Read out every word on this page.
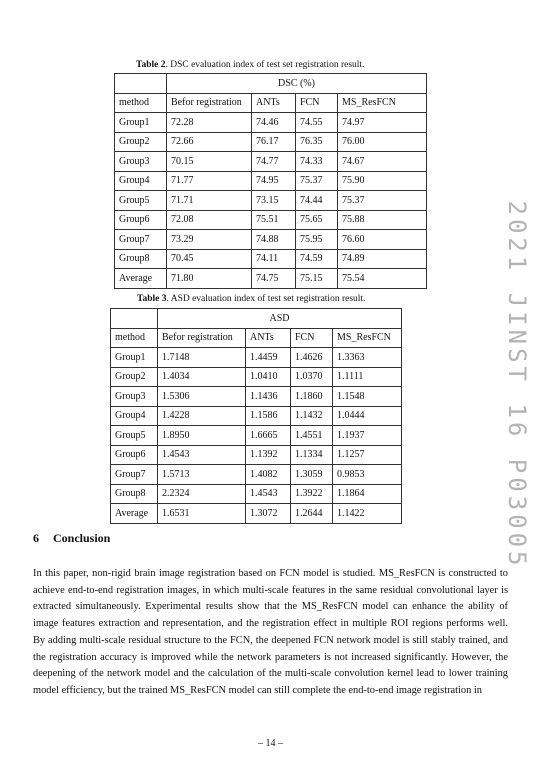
Table 2. DSC evaluation index of test set registration result.
	DSC (%)			
method	Befor registration	ANTs	FCN	MS_ResFCN
Group1	72.28	74.46	74.55	74.97
Group2	72.66	76.17	76.35	76.00
Group3	70.15	74.77	74.33	74.67
Group4	71.77	74.95	75.37	75.90
Group5	71.71	73.15	74.44	75.37
Group6	72.08	75.51	75.65	75.88
Group7	73.29	74.88	75.95	76.60
Group8	70.45	74.11	74.59	74.89
Average	71.80	74.75	75.15	75.54
Table 3. ASD evaluation index of test set registration result.
	ASD			
method	Befor registration	ANTs	FCN	MS_ResFCN
Group1	1.7148	1.4459	1.4626	1.3363
Group2	1.4034	1.0410	1.0370	1.1111
Group3	1.5306	1.1436	1.1860	1.1548
Group4	1.4228	1.1586	1.1432	1.0444
Group5	1.8950	1.6665	1.4551	1.1937
Group6	1.4543	1.1392	1.1334	1.1257
Group7	1.5713	1.4082	1.3059	0.9853
Group8	2.2324	1.4543	1.3922	1.1864
Average	1.6531	1.3072	1.2644	1.1422	2021 JINST 16 P03005
6 Conclusion
In this paper, non-rigid brain image registration based on FCN model is studied. MS_ResFCN is constructed to achieve end-to-end registration images, in which multi-scale features in the same residual convolutional layer is extracted simultaneously. Experimental results show that the MS_ResFCN model can enhance the ability of image features extraction and representation, and the registration effect in multiple ROI regions performs well. By adding multi-scale residual structure to the FCN, the deepened FCN network model is still stably trained, and the registration accuracy is improved while the network parameters is not increased significantly. However, the deepening of the network model and the calculation of the multi-scale convolution kernel lead to lower training model efficiency, but the trained MS_ResFCN model can still complete the end-to-end image registration in
– 14 –
